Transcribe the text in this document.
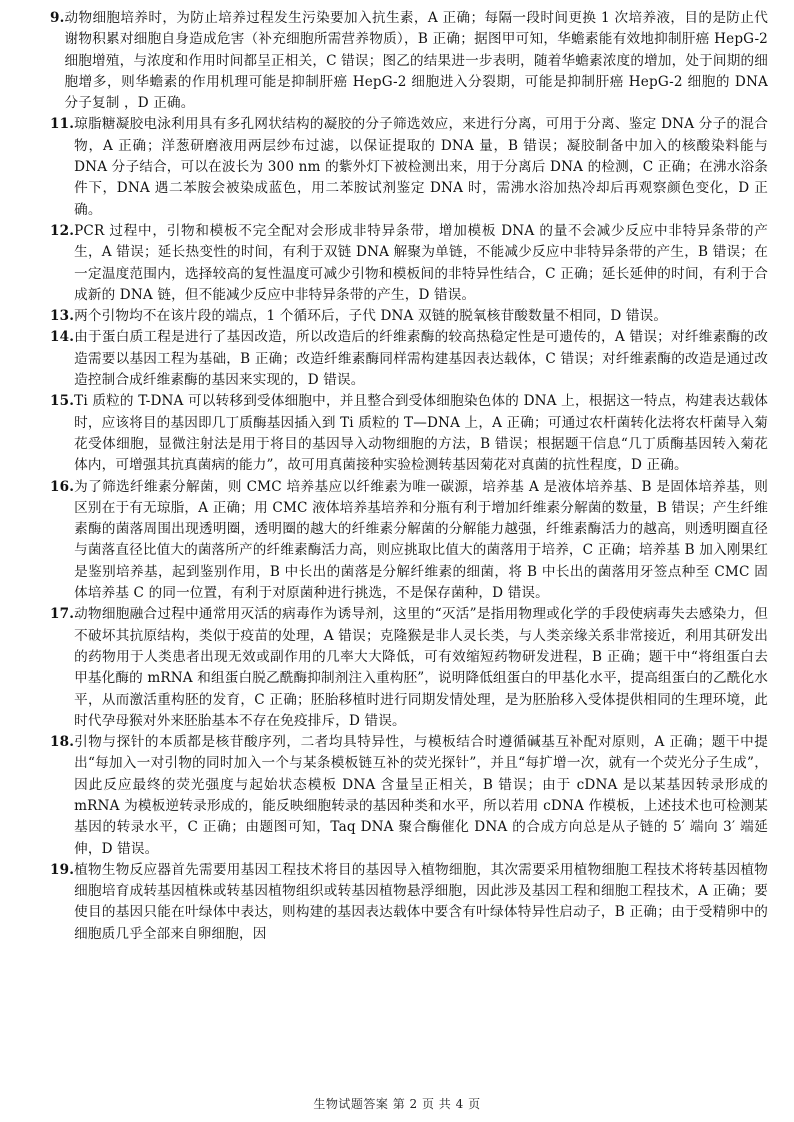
9. 动物细胞培养时，为防止培养过程发生污染要加入抗生素，A 正确；每隔一段时间更换 1 次培养液，目的是防止代谢物积累对细胞自身造成危害（补充细胞所需营养物质），B 正确；据图甲可知，华蟾素能有效地抑制肝癌 HepG-2 细胞增殖，与浓度和作用时间都呈正相关，C 错误；图乙的结果进一步表明，随着华蟾素浓度的增加，处于间期的细胞增多，则华蟾素的作用机理可能是抑制肝癌 HepG-2 细胞进入分裂期，可能是抑制肝癌 HepG-2 细胞的 DNA 分子复制 ，D 正确。
11. 琼脂糖凝胶电泳利用具有多孔网状结构的凝胶的分子筛选效应，来进行分离，可用于分离、鉴定 DNA 分子的混合物，A 正确；洋葱研磨液用两层纱布过滤，以保证提取的 DNA 量，B 错误；凝胶制备中加入的核酸染料能与 DNA 分子结合，可以在波长为 300 nm 的紫外灯下被检测出来，用于分离后 DNA 的检测，C 正确；在沸水浴条件下，DNA 遇二苯胺会被染成蓝色，用二苯胺试剂鉴定 DNA 时，需沸水浴加热冷却后再观察颜色变化，D 正确。
12. PCR 过程中，引物和模板不完全配对会形成非特异条带，增加模板 DNA 的量不会减少反应中非特异条带的产生，A 错误；延长热变性的时间，有利于双链 DNA 解聚为单链，不能减少反应中非特异条带的产生，B 错误；在一定温度范围内，选择较高的复性温度可减少引物和模板间的非特异性结合，C 正确；延长延伸的时间，有利于合成新的 DNA 链，但不能减少反应中非特异条带的产生，D 错误。
13. 两个引物均不在该片段的端点，1 个循环后，子代 DNA 双链的脱氧核苷酸数量不相同，D 错误。
14. 由于蛋白质工程是进行了基因改造，所以改造后的纤维素酶的较高热稳定性是可遗传的，A 错误；对纤维素酶的改造需要以基因工程为基础，B 正确；改造纤维素酶同样需构建基因表达载体，C 错误；对纤维素酶的改造是通过改造控制合成纤维素酶的基因来实现的，D 错误。
15. Ti 质粒的 T-DNA 可以转移到受体细胞中，并且整合到受体细胞染色体的 DNA 上，根据这一特点，构建表达载体时，应该将目的基因即几丁质酶基因插入到 Ti 质粒的 T—DNA 上，A 正确；可通过农杆菌转化法将农杆菌导入菊花受体细胞，显微注射法是用于将目的基因导入动物细胞的方法，B 错误；根据题干信息“几丁质酶基因转入菊花体内，可增强其抗真菌病的能力”，故可用真菌接种实验检测转基因菊花对真菌的抗性程度，D 正确。
16. 为了筛选纤维素分解菌，则 CMC 培养基应以纤维素为唯一碳源，培养基 A 是液体培养基、B 是固体培养基，则区别在于有无琼脂，A 正确；用 CMC 液体培养基培养和分瓶有利于增加纤维素分解菌的数量，B 错误；产生纤维素酶的菌落周围出现透明圈，透明圈的越大的纤维素分解菌的分解能力越强，纤维素酶活力的越高，则透明圈直径与菌落直径比值大的菌落所产的纤维素酶活力高，则应挑取比值大的菌落用于培养，C 正确；培养基 B 加入刚果红是鉴别培养基，起到鉴别作用，B 中长出的菌落是分解纤维素的细菌，将 B 中长出的菌落用牙签点种至 CMC 固体培养基 C 的同一位置，有利于对原菌种进行挑选，不是保存菌种，D 错误。
17. 动物细胞融合过程中通常用灭活的病毒作为诱导剂，这里的“灭活”是指用物理或化学的手段使病毒失去感染力，但不破坏其抗原结构，类似于疫苗的处理，A 错误；克隆猴是非人灵长类，与人类亲缘关系非常接近，利用其研发出的药物用于人类患者出现无效或副作用的几率大大降低，可有效缩短药物研发进程，B 正确；题干中“将组蛋白去甲基化酶的 mRNA 和组蛋白脱乙酰酶抑制剂注入重构胚”，说明降低组蛋白的甲基化水平，提高组蛋白的乙酰化水平，从而激活重构胚的发育，C 正确；胚胎移植时进行同期发情处理，是为胚胎移入受体提供相同的生理环境，此时代孕母猴对外来胚胎基本不存在免疫排斥，D 错误。
18. 引物与探针的本质都是核苷酸序列，二者均具特异性，与模板结合时遵循碱基互补配对原则，A 正确；题干中提出“每加入一对引物的同时加入一个与某条模板链互补的荧光探针”，并且“每扩增一次，就有一个荧光分子生成”，因此反应最终的荧光强度与起始状态模板 DNA 含量呈正相关，B 错误；由于 cDNA 是以某基因转录形成的 mRNA 为模板逆转录形成的，能反映细胞转录的基因种类和水平，所以若用 cDNA 作模板，上述技术也可检测某基因的转录水平，C 正确；由题图可知，Taq DNA 聚合酶催化 DNA 的合成方向总是从子链的 5′ 端向 3′ 端延伸，D 错误。
19. 植物生物反应器首先需要用基因工程技术将目的基因导入植物细胞，其次需要采用植物细胞工程技术将转基因植物细胞培育成转基因植株或转基因植物组织或转基因植物悬浮细胞，因此涉及基因工程和细胞工程技术，A 正确；要使目的基因只能在叶绿体中表达，则构建的基因表达载体中要含有叶绿体特异性启动子，B 正确；由于受精卵中的细胞质几乎全部来自卵细胞，因
生物试题答案 第 2 页 共 4 页
